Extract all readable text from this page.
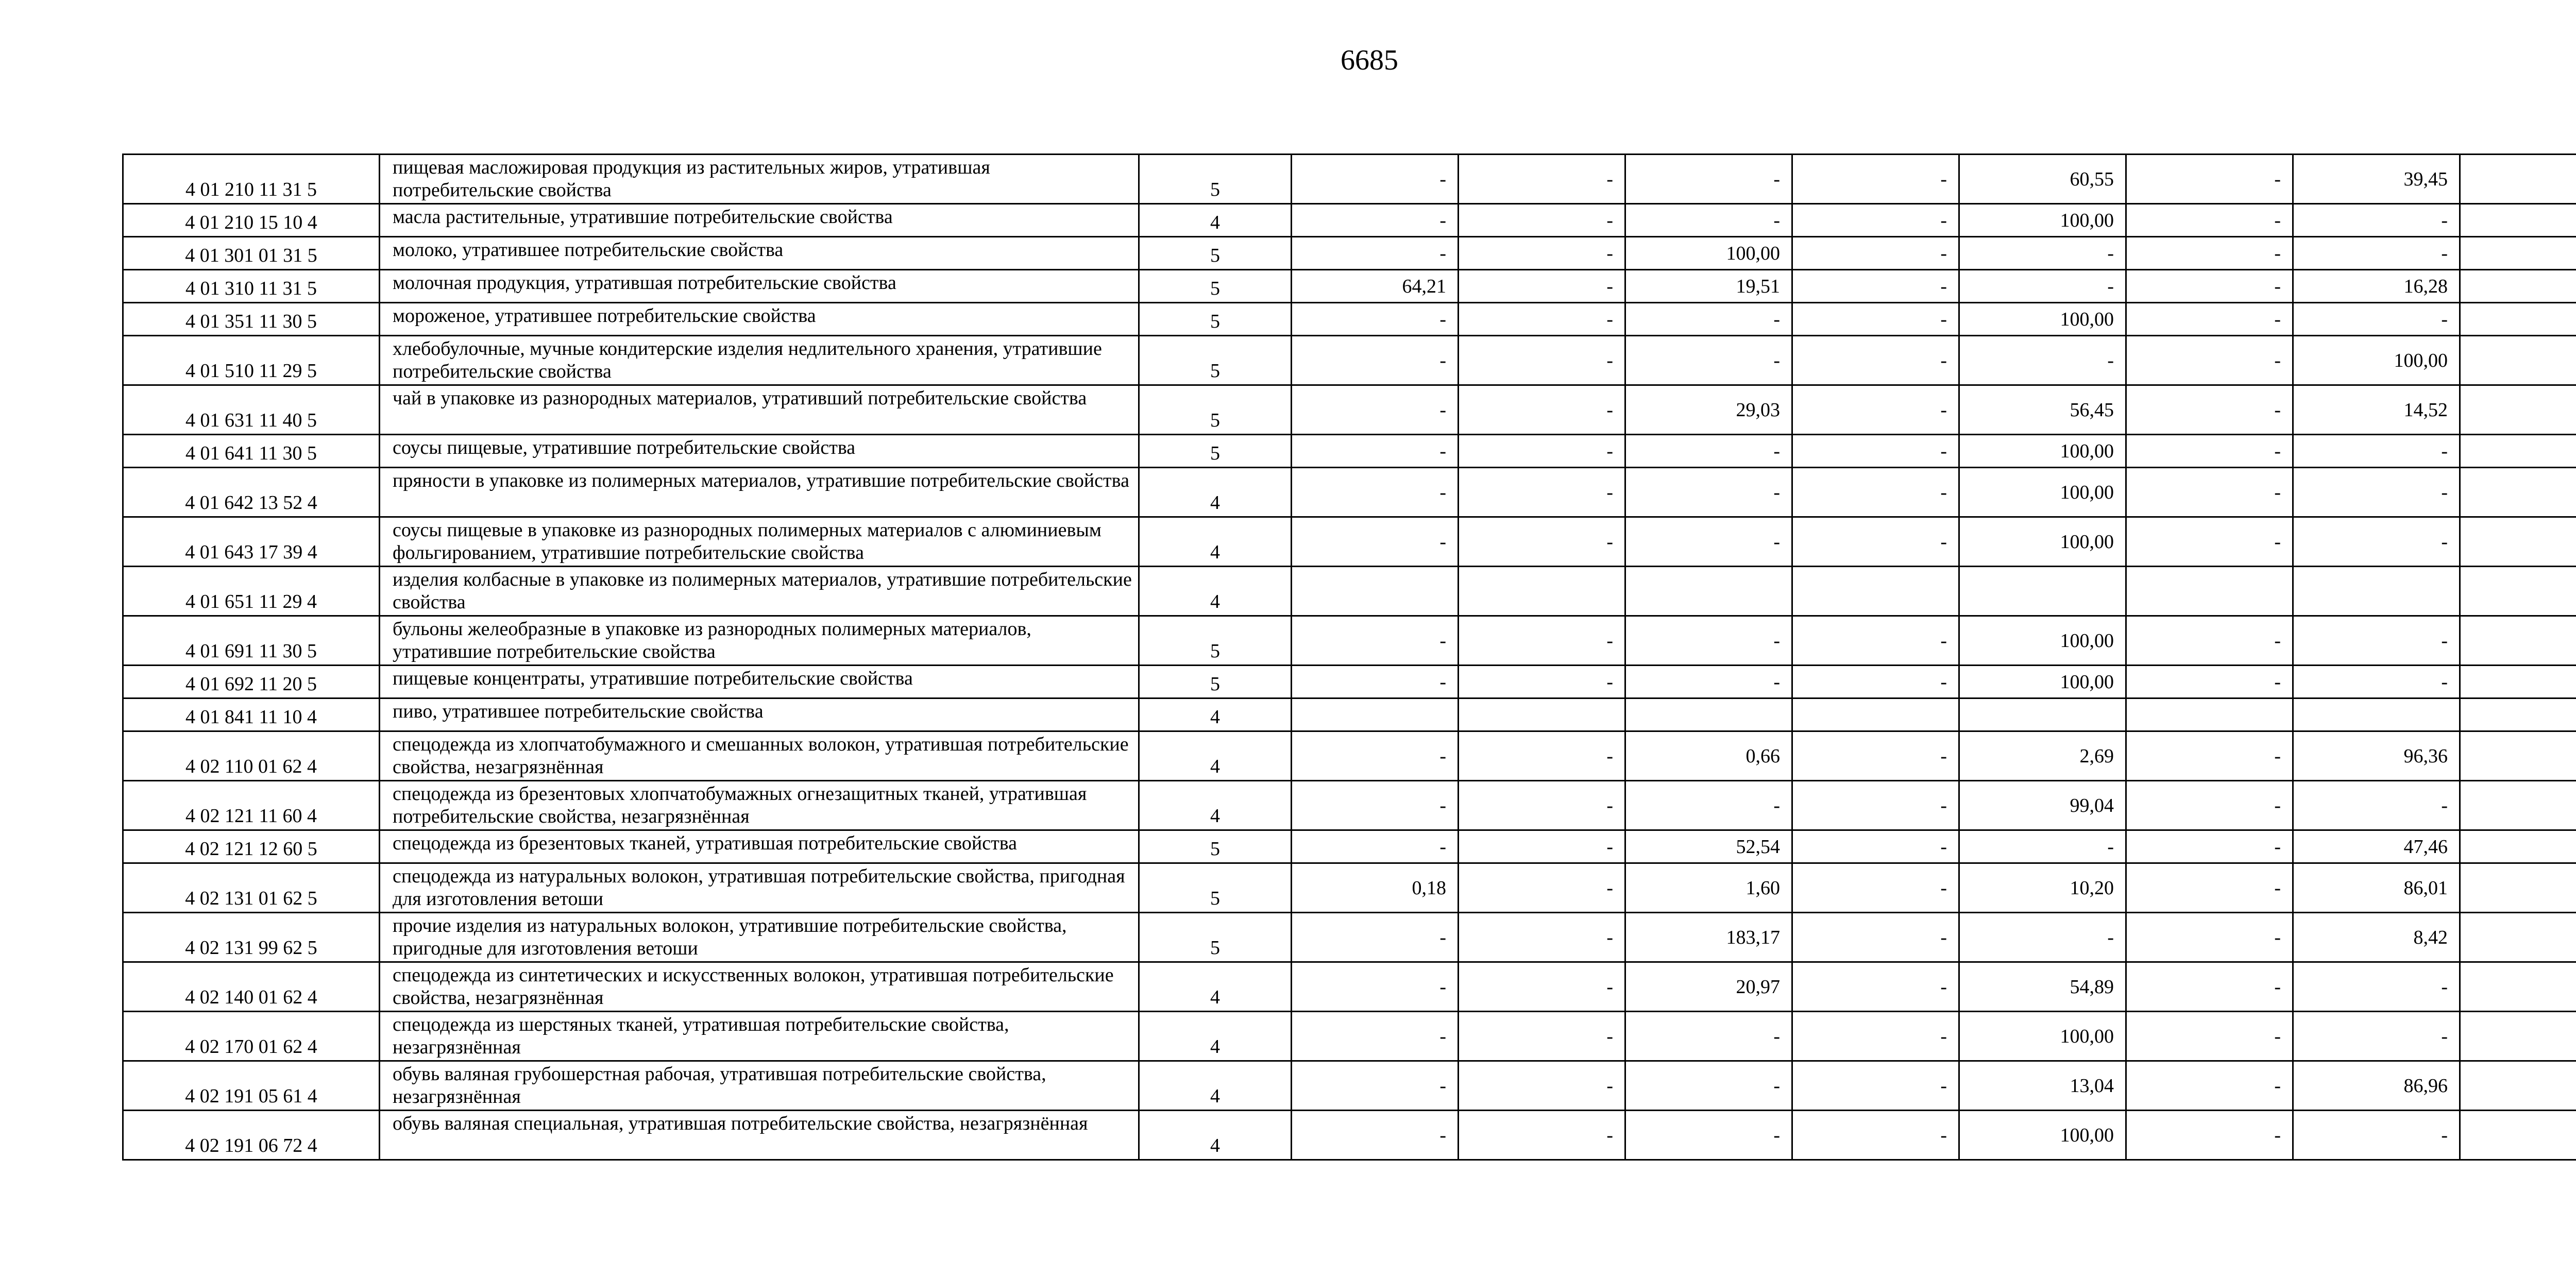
6685
4 01 210 11 31 5	пищевая масложировая продукция из растительных жиров, утратившая потребительские свойства	5	-	-	-	-	60,55	-	39,45	
4 01 210 15 10 4	масла растительные, утратившие потребительские свойства	4	-	-	-	-	100,00	-	-	
4 01 301 01 31 5	молоко, утратившее потребительские свойства	5	-	-	100,00	-	-	-	-	
4 01 310 11 31 5	молочная продукция, утратившая потребительские свойства	5	64,21	-	19,51	-	-	-	16,28	
4 01 351 11 30 5	мороженое, утратившее потребительские свойства	5	-	-	-	-	100,00	-	-	
4 01 510 11 29 5	хлебобулочные, мучные кондитерские изделия недлительного хранения, утратившие потребительские свойства	5	-	-	-	-	-	-	100,00	
4 01 631 11 40 5	чай в упаковке из разнородных материалов, утративший потребительские свойства	5	-	-	29,03	-	56,45	-	14,52	
4 01 641 11 30 5	соусы пищевые, утратившие потребительские свойства	5	-	-	-	-	100,00	-	-	
4 01 642 13 52 4	пряности в упаковке из полимерных материалов, утратившие потребительские свойства	4	-	-	-	-	100,00	-	-	
4 01 643 17 39 4	соусы пищевые в упаковке из разнородных полимерных материалов с алюминиевым фольгированием, утратившие потребительские свойства	4	-	-	-	-	100,00	-	-	
4 01 651 11 29 4	изделия колбасные в упаковке из полимерных материалов, утратившие потребительские свойства	4								
4 01 691 11 30 5	бульоны желеобразные в упаковке из разнородных полимерных материалов, утратившие потребительские свойства	5	-	-	-	-	100,00	-	-	
4 01 692 11 20 5	пищевые концентраты, утратившие потребительские свойства	5	-	-	-	-	100,00	-	-	
4 01 841 11 10 4	пиво, утратившее потребительские свойства	4								
4 02 110 01 62 4	спецодежда из хлопчатобумажного и смешанных волокон, утратившая потребительские свойства, незагрязнённая	4	-	-	0,66	-	2,69	-	96,36	
4 02 121 11 60 4	спецодежда из брезентовых хлопчатобумажных огнезащитных тканей, утратившая потребительские свойства, незагрязнённая	4	-	-	-	-	99,04	-	-	
4 02 121 12 60 5	спецодежда из брезентовых тканей, утратившая потребительские свойства	5	-	-	52,54	-	-	-	47,46	
4 02 131 01 62 5	спецодежда из натуральных волокон, утратившая потребительские свойства, пригодная для изготовления ветоши	5	0,18	-	1,60	-	10,20	-	86,01	
4 02 131 99 62 5	прочие изделия из натуральных волокон, утратившие потребительские свойства, пригодные для изготовления ветоши	5	-	-	183,17	-	-	-	8,42	
4 02 140 01 62 4	спецодежда из синтетических и искусственных волокон, утратившая потребительские свойства, незагрязнённая	4	-	-	20,97	-	54,89	-	-	
4 02 170 01 62 4	спецодежда из шерстяных тканей, утратившая потребительские свойства, незагрязнённая	4	-	-	-	-	100,00	-	-	
4 02 191 05 61 4	обувь валяная грубошерстная рабочая, утратившая потребительские свойства, незагрязнённая	4	-	-	-	-	13,04	-	86,96	
4 02 191 06 72 4	обувь валяная специальная, утратившая потребительские свойства, незагрязнённая	4	-	-	-	-	100,00	-	-	
